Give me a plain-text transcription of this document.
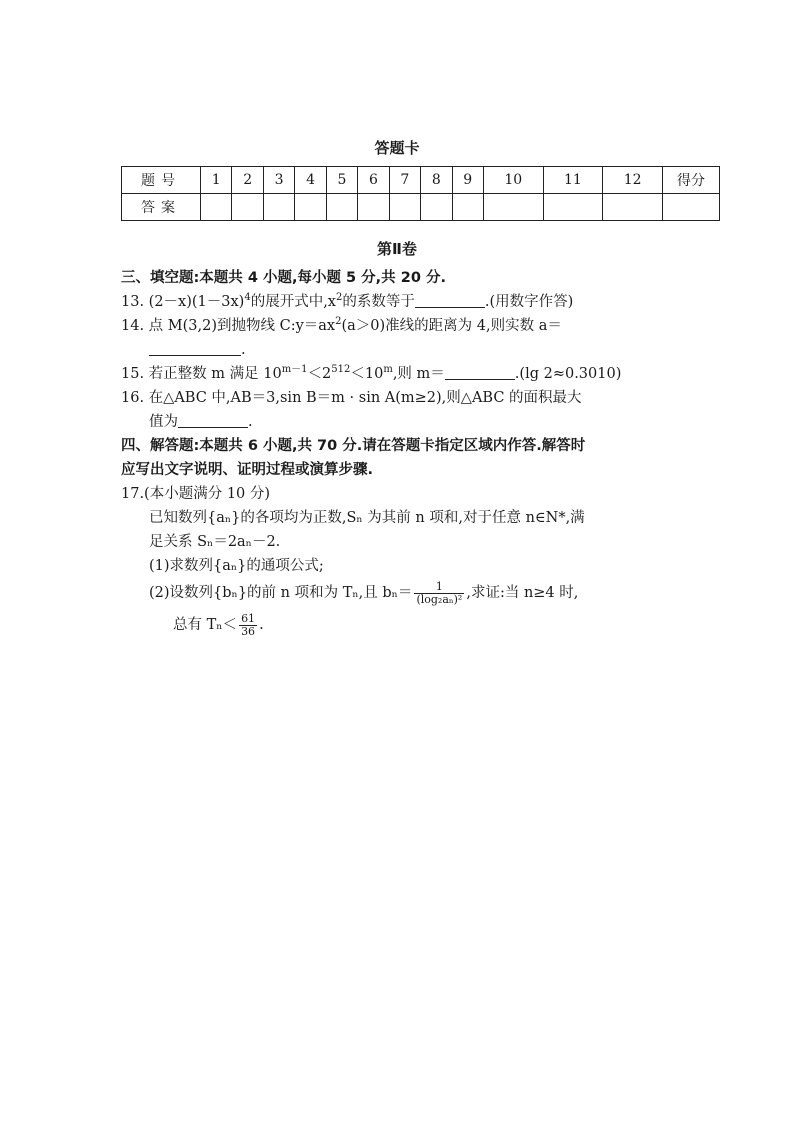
答题卡
题号	1	2	3	4	5	6	7	8	9	10	11	12	得分
答案													
第Ⅱ卷

三、填空题:本题共 4 小题,每小题 5 分,共 20 分.

13. $(2-x)(1-3x)^4$的展开式中$,x^2$的系数等于	.(用数字作答)

14. 点 M(3,2)到抛物线 $C:y=ax^2(a>0)$准线的距离为 4,则实数 a＝

.

15. 若正整数 m 满足 $10^{m-1}<2^{512}<10^m$,则 m＝	.(lg 2≈0.3010)

16. 在△ABC 中,AB＝3,sin B＝m · sin A(m≥2),则△ABC 的面积最大

值为	.

四、解答题:本题共 6 小题,共 70 分.请在答题卡指定区域内作答.解答时

应写出文字说明、证明过程或演算步骤.

17.(本小题满分 10 分)

已知数列{aₙ}的各项均为正数,Sₙ 为其前 n 项和,对于任意 n∈N*,满

足关系 Sₙ＝2aₙ－2.

(1)求数列{aₙ}的通项公式;

(2)设数列{bₙ}的前 n 项和为 Tₙ,且 $b_n= \frac{1}{\text{(log₂aₙ)²}}$ ,求证:当 n≥4 时,

总有 $T_n< \frac{61}{36}$ .
